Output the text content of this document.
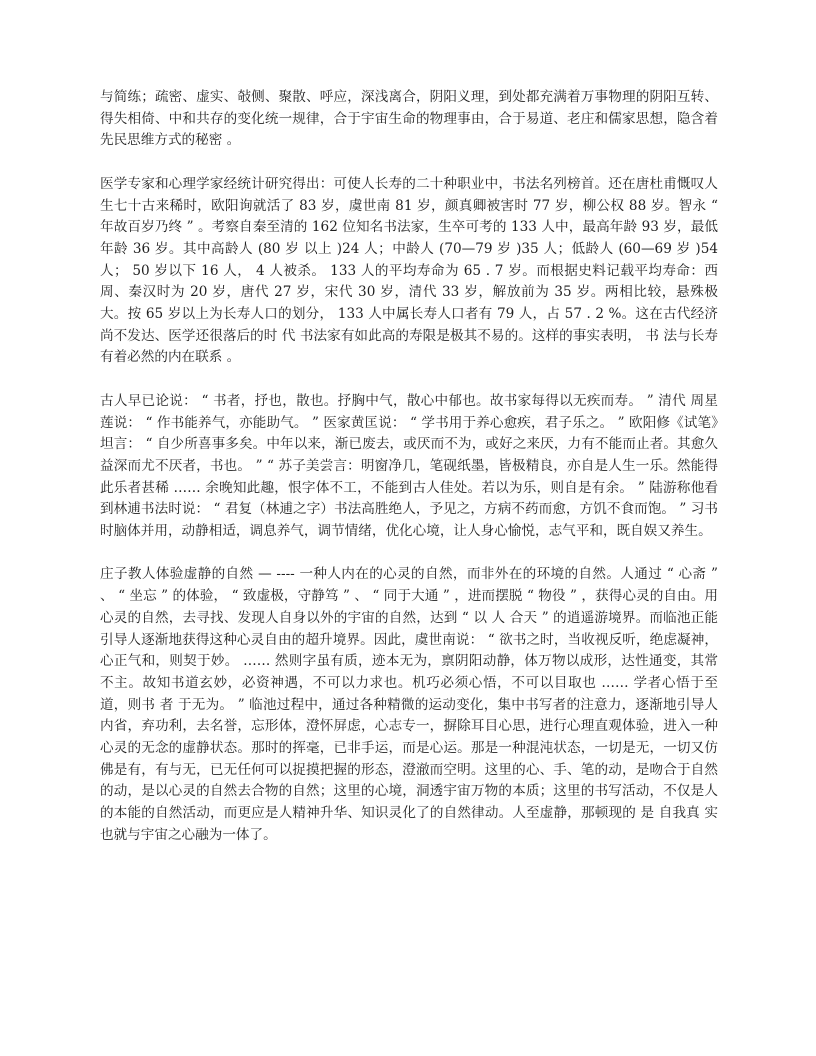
与简练；疏密、虚实、敧侧、聚散、呼应，深浅离合，阴阳义理，到处都充满着万事物理的阴阳互转、得失相倚、中和共存的变化统一规律，合于宇宙生命的物理事由，合于易道、老庄和儒家思想，隐含着先民思维方式的秘密 。

医学专家和心理学家经统计研究得出：可使人长寿的二十种职业中，书法名列榜首。还在唐杜甫慨叹人生七十古来稀时，欧阳询就活了 83 岁，虞世南 81 岁，颜真卿被害时 77 岁，柳公权 88 岁。智永 “ 年故百岁乃终 ” 。考察自秦至清的 162 位知名书法家，生卒可考的 133 人中，最高年龄 93 岁，最低年龄 36 岁。其中高龄人 (80 岁 以上 )24 人；中龄人 (70—79 岁 )35 人；低龄人 (60—69 岁 )54 人； 50 岁以下 16 人， 4 人被杀。 133 人的平均寿命为 65 . 7 岁。而根据史料记载平均寿命：西周、秦汉时为 20 岁，唐代 27 岁，宋代 30 岁，清代 33 岁，解放前为 35 岁。两相比较，悬殊极大。按 65 岁以上为长寿人口的划分， 133 人中属长寿人口者有 79 人，占 57 . 2 %。这在古代经济尚不发达、医学还很落后的时 代 书法家有如此高的寿限是极其不易的。这样的事实表明， 书 法与长寿有着必然的内在联系 。

古人早已论说： “ 书者，抒也，散也。抒胸中气，散心中郁也。故书家每得以无疾而寿。 ” 清代 周星莲说： “ 作书能养气，亦能助气。 ” 医家黄匡说： “ 学书用于养心愈疾，君子乐之。 ” 欧阳修《试笔》坦言： “ 自少所喜事多矣。中年以来，渐已废去，或厌而不为，或好之来厌，力有不能而止者。其愈久益深而尤不厌者，书也。 ” “ 苏子美尝言：明窗净几，笔砚纸墨，皆极精良，亦自是人生一乐。然能得此乐者甚稀 …… 余晚知此趣，恨字体不工，不能到古人佳处。若以为乐，则自是有余。 ” 陆游称他看到林逋书法时说： “ 君复（林逋之字）书法高胜绝人，予见之，方病不药而愈，方饥不食而饱。 ” 习书时脑体并用，动静相适，调息养气，调节情绪，优化心境，让人身心愉悦，志气平和，既自娱又养生。

庄子教人体验虚静的自然 — ---- 一种人内在的心灵的自然，而非外在的环境的自然。人通过 “ 心斋 ” 、 “ 坐忘 ” 的体验， “ 致虚极，守静笃 ” 、 “ 同于大通 ” ，进而摆脱 “ 物役 ” ，获得心灵的自由。用心灵的自然，去寻找、发现人自身以外的宇宙的自然，达到 “ 以 人 合天 ” 的逍遥游境界。而临池正能引导人逐渐地获得这种心灵自由的超升境界。因此，虞世南说： “ 欲书之时，当收视反听，绝虑凝神，心正气和，则契于妙。 …… 然则字虽有质，迹本无为，禀阴阳动静，体万物以成形，达性通变，其常不主。故知书道玄妙，必资神遇，不可以力求也。机巧必须心悟，不可以目取也 …… 学者心悟于至道，则书 者 于无为。 ” 临池过程中，通过各种精微的运动变化，集中书写者的注意力，逐渐地引导人内省，弃功利，去名誉，忘形体，澄怀屏虑，心志专一，摒除耳目心思，进行心理直观体验，进入一种心灵的无念的虚静状态。那时的挥毫，已非手运，而是心运。那是一种混沌状态，一切是无，一切又仿佛是有，有与无，已无任何可以捉摸把握的形态，澄澈而空明。这里的心、手、笔的动，是吻合于自然的动，是以心灵的自然去合物的自然；这里的心境，洞透宇宙万物的本质；这里的书写活动，不仅是人的本能的自然活动，而更应是人精神升华、知识灵化了的自然律动。人至虚静，那顿现的 是 自我真 实 也就与宇宙之心融为一体了。
